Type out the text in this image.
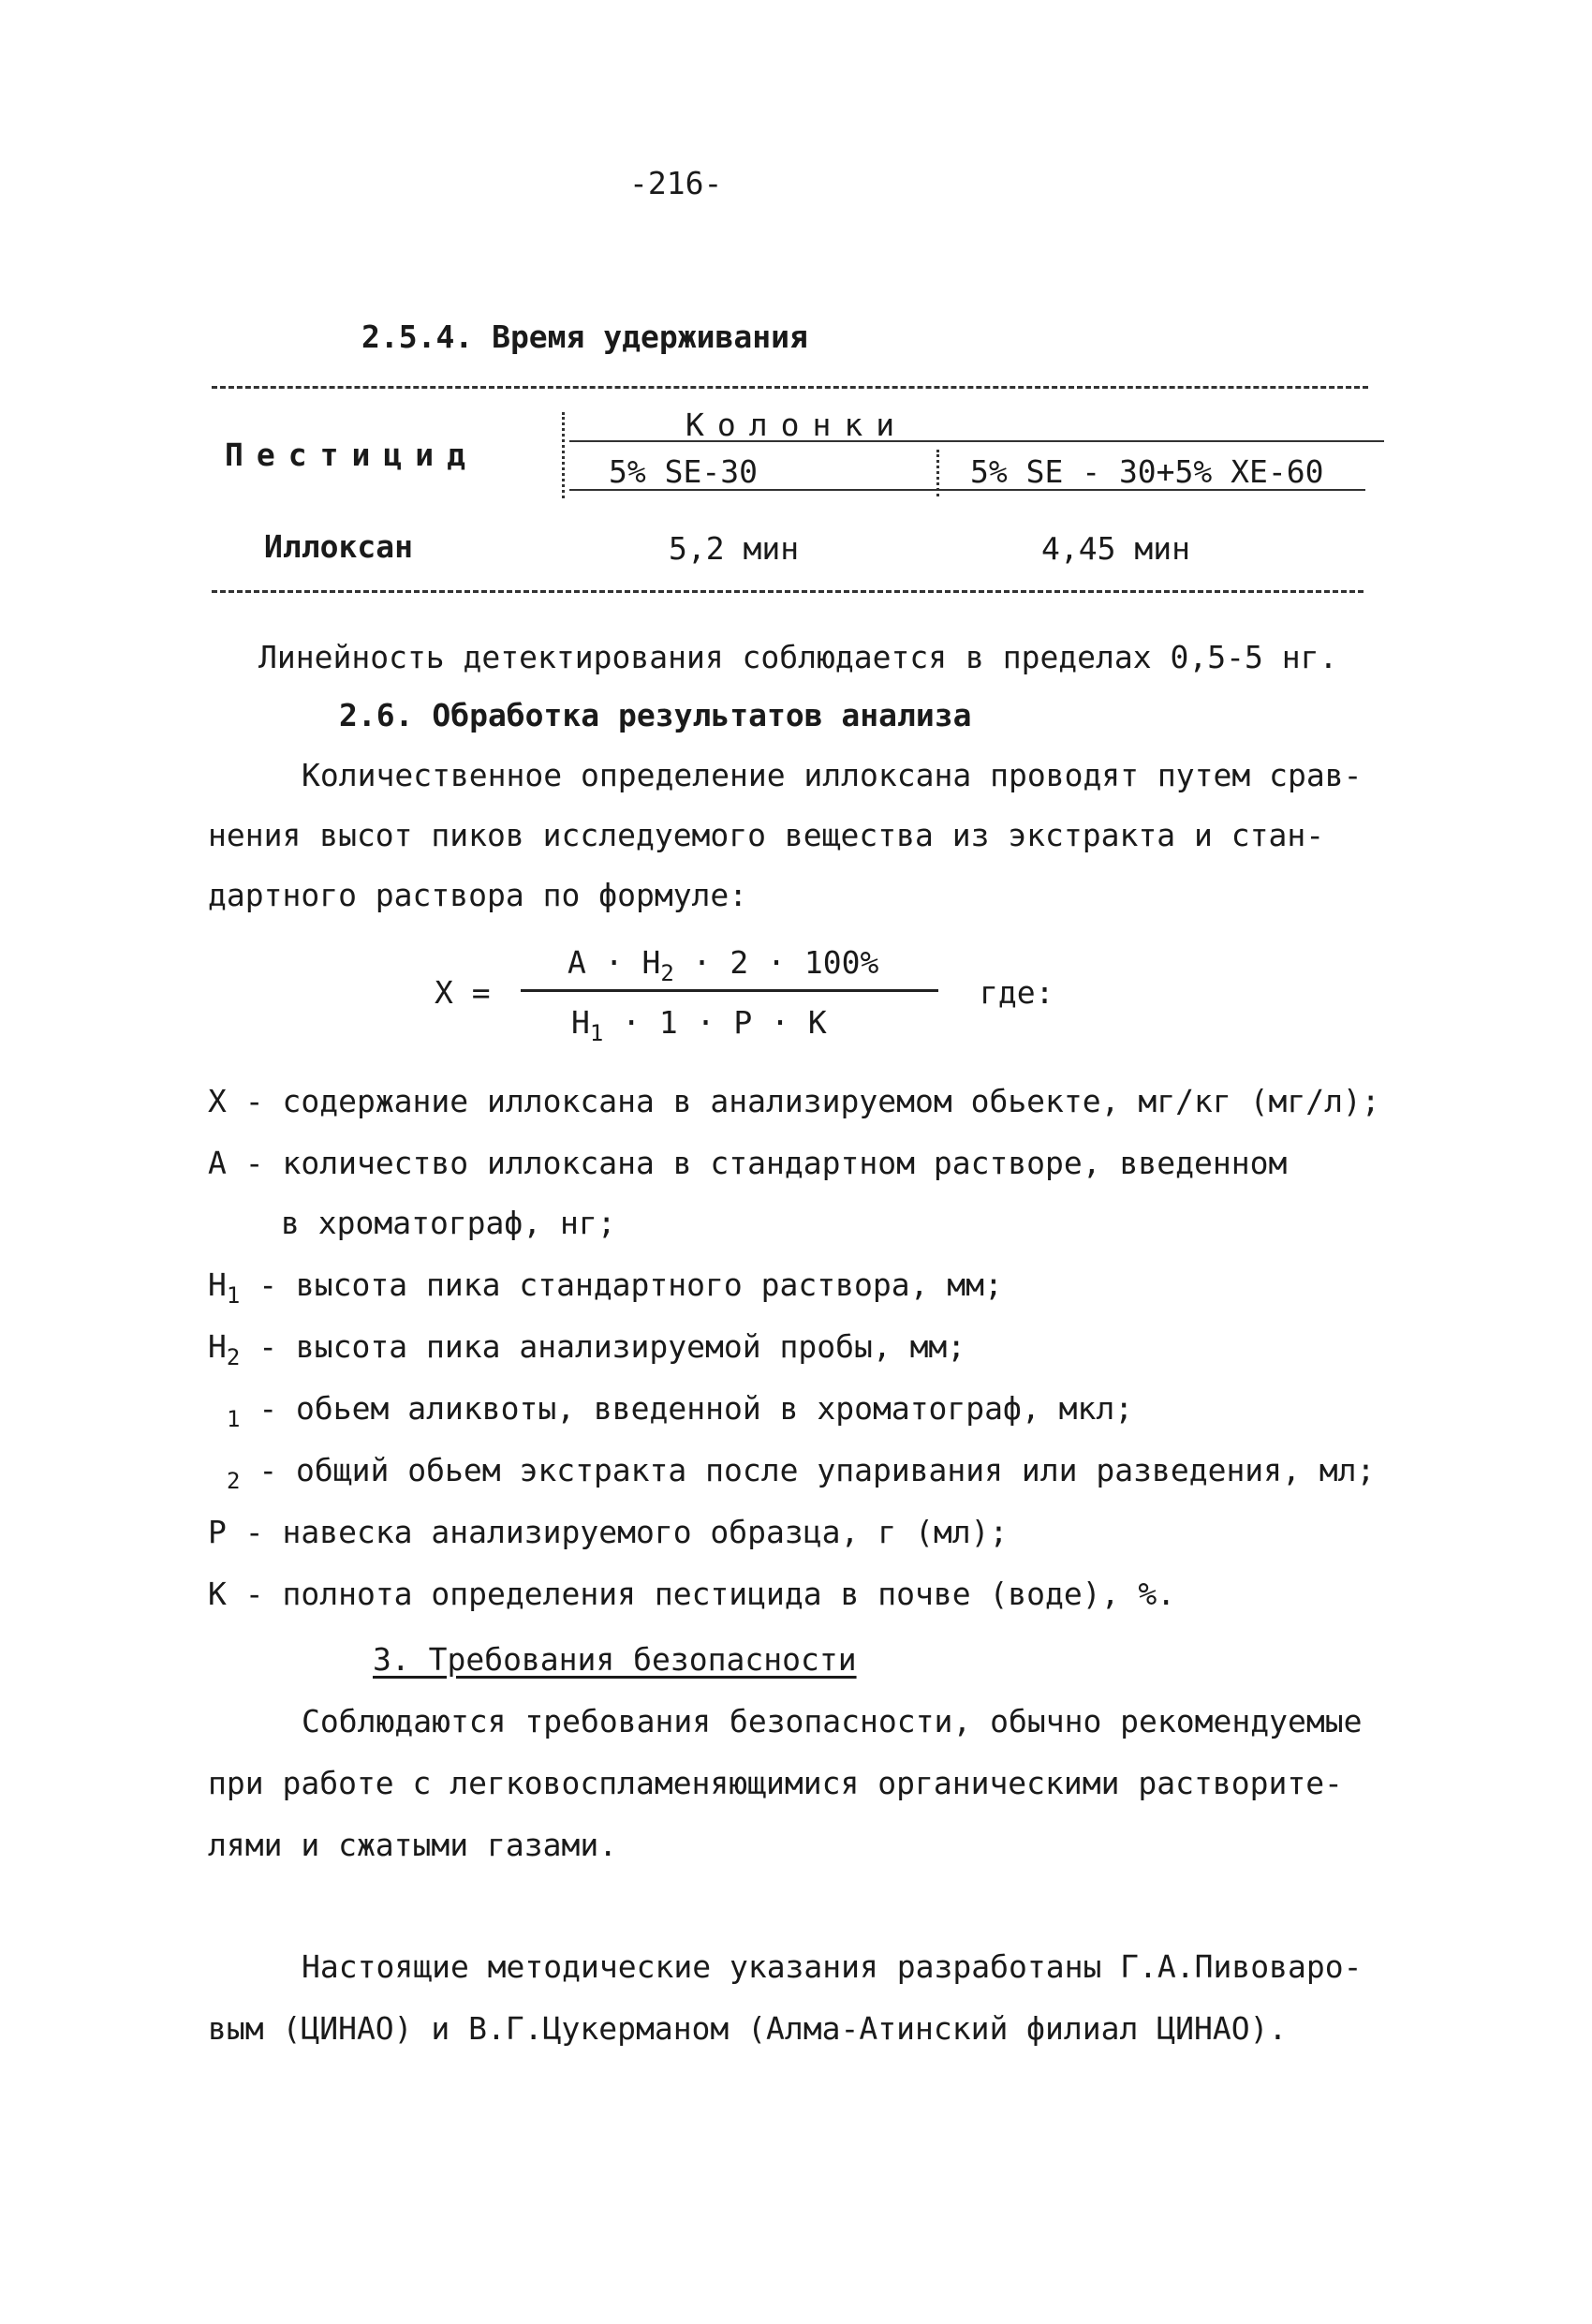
-216-
2.5.4. Время удерживания
Пестицид
Колонки
5% SE-30	5% SE - 30+5% XE-60
Иллоксан	5,2 мин	4,45 мин
Линейность детектирования соблюдается в пределах 0,5-5 нг.
2.6. Обработка результатов анализа
Количественное определение иллоксана проводят путем срав-
нения высот пиков исследуемого вещества из экстракта и стан-
дартного раствора по формуле:
X =
$A \cdot H_2 \cdot 2 \cdot 100\%$
$H_1 \cdot 1 \cdot P \cdot K$
где:
X - содержание иллоксана в анализируемом обьекте, мг/кг (мг/л);
A - количество иллоксана в стандартном растворе, введенном
в хроматограф, нг;
$H_1$ - высота пика стандартного раствора, мм;
$H_2$ - высота пика анализируемой пробы, мм;
$_1$ - обьем аликвоты, введенной в хроматограф, мкл;
$_2$ - общий обьем экстракта после упаривания или разведения, мл;
P - навеска анализируемого образца, г (мл);
K - полнота определения пестицида в почве (воде), %.
3. Требования безопасности
Соблюдаются требования безопасности, обычно рекомендуемые
при работе с легковоспламеняющимися органическими растворите-
лями и сжатыми газами.
Настоящие методические указания разработаны Г.А.Пивоваро-
вым (ЦИНАО) и В.Г.Цукерманом (Алма-Атинский филиал ЦИНАО).
